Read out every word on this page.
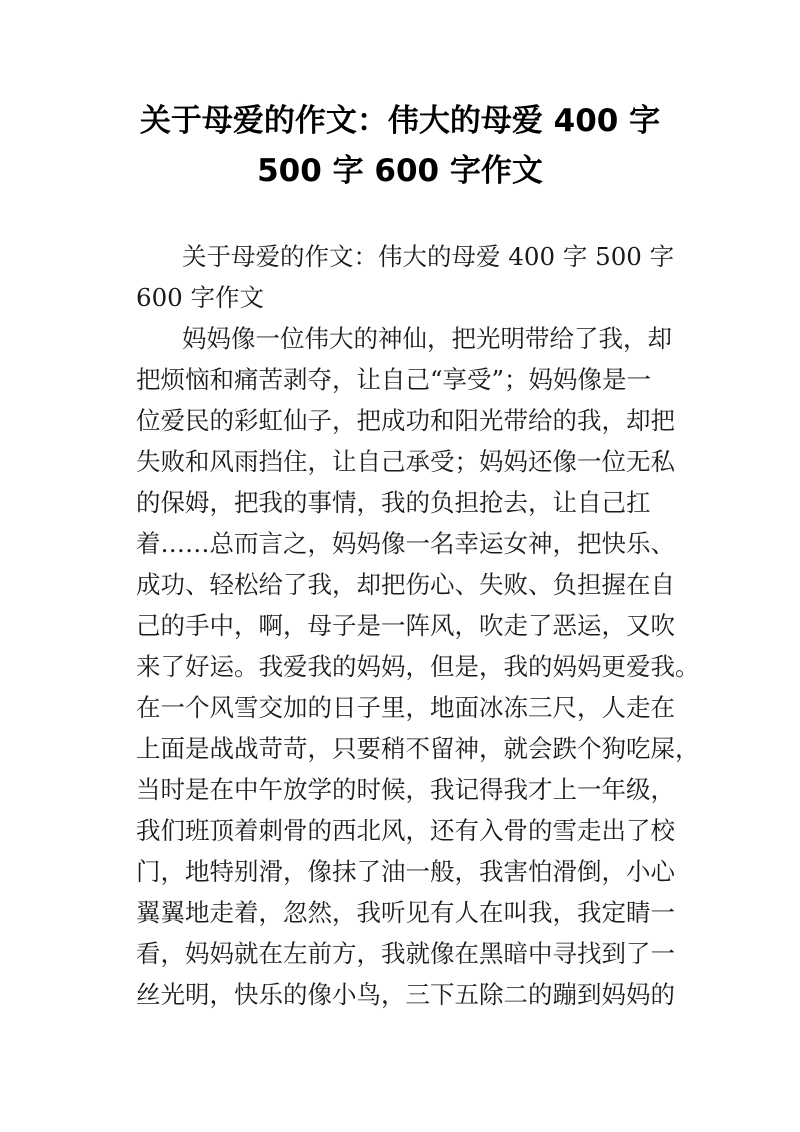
关于母爱的作文：伟大的母爱 400 字
500 字 600 字作文
关于母爱的作文：伟大的母爱 400 字 500 字
600 字作文
妈妈像一位伟大的神仙，把光明带给了我，却
把烦恼和痛苦剥夺，让自己“享受”；妈妈像是一
位爱民的彩虹仙子，把成功和阳光带给的我，却把
失败和风雨挡住，让自己承受；妈妈还像一位无私
的保姆，把我的事情，我的负担抢去，让自己扛
着……总而言之，妈妈像一名幸运女神，把快乐、
成功、轻松给了我，却把伤心、失败、负担握在自
己的手中，啊，母子是一阵风，吹走了恶运，又吹
来了好运。我爱我的妈妈，但是，我的妈妈更爱我。
在一个风雪交加的日子里，地面冰冻三尺，人走在
上面是战战苛苛，只要稍不留神，就会跌个狗吃屎，
当时是在中午放学的时候，我记得我才上一年级，
我们班顶着刺骨的西北风，还有入骨的雪走出了校
门，地特别滑，像抹了油一般，我害怕滑倒，小心
翼翼地走着，忽然，我听见有人在叫我，我定睛一
看，妈妈就在左前方，我就像在黑暗中寻找到了一
丝光明，快乐的像小鸟，三下五除二的蹦到妈妈的
